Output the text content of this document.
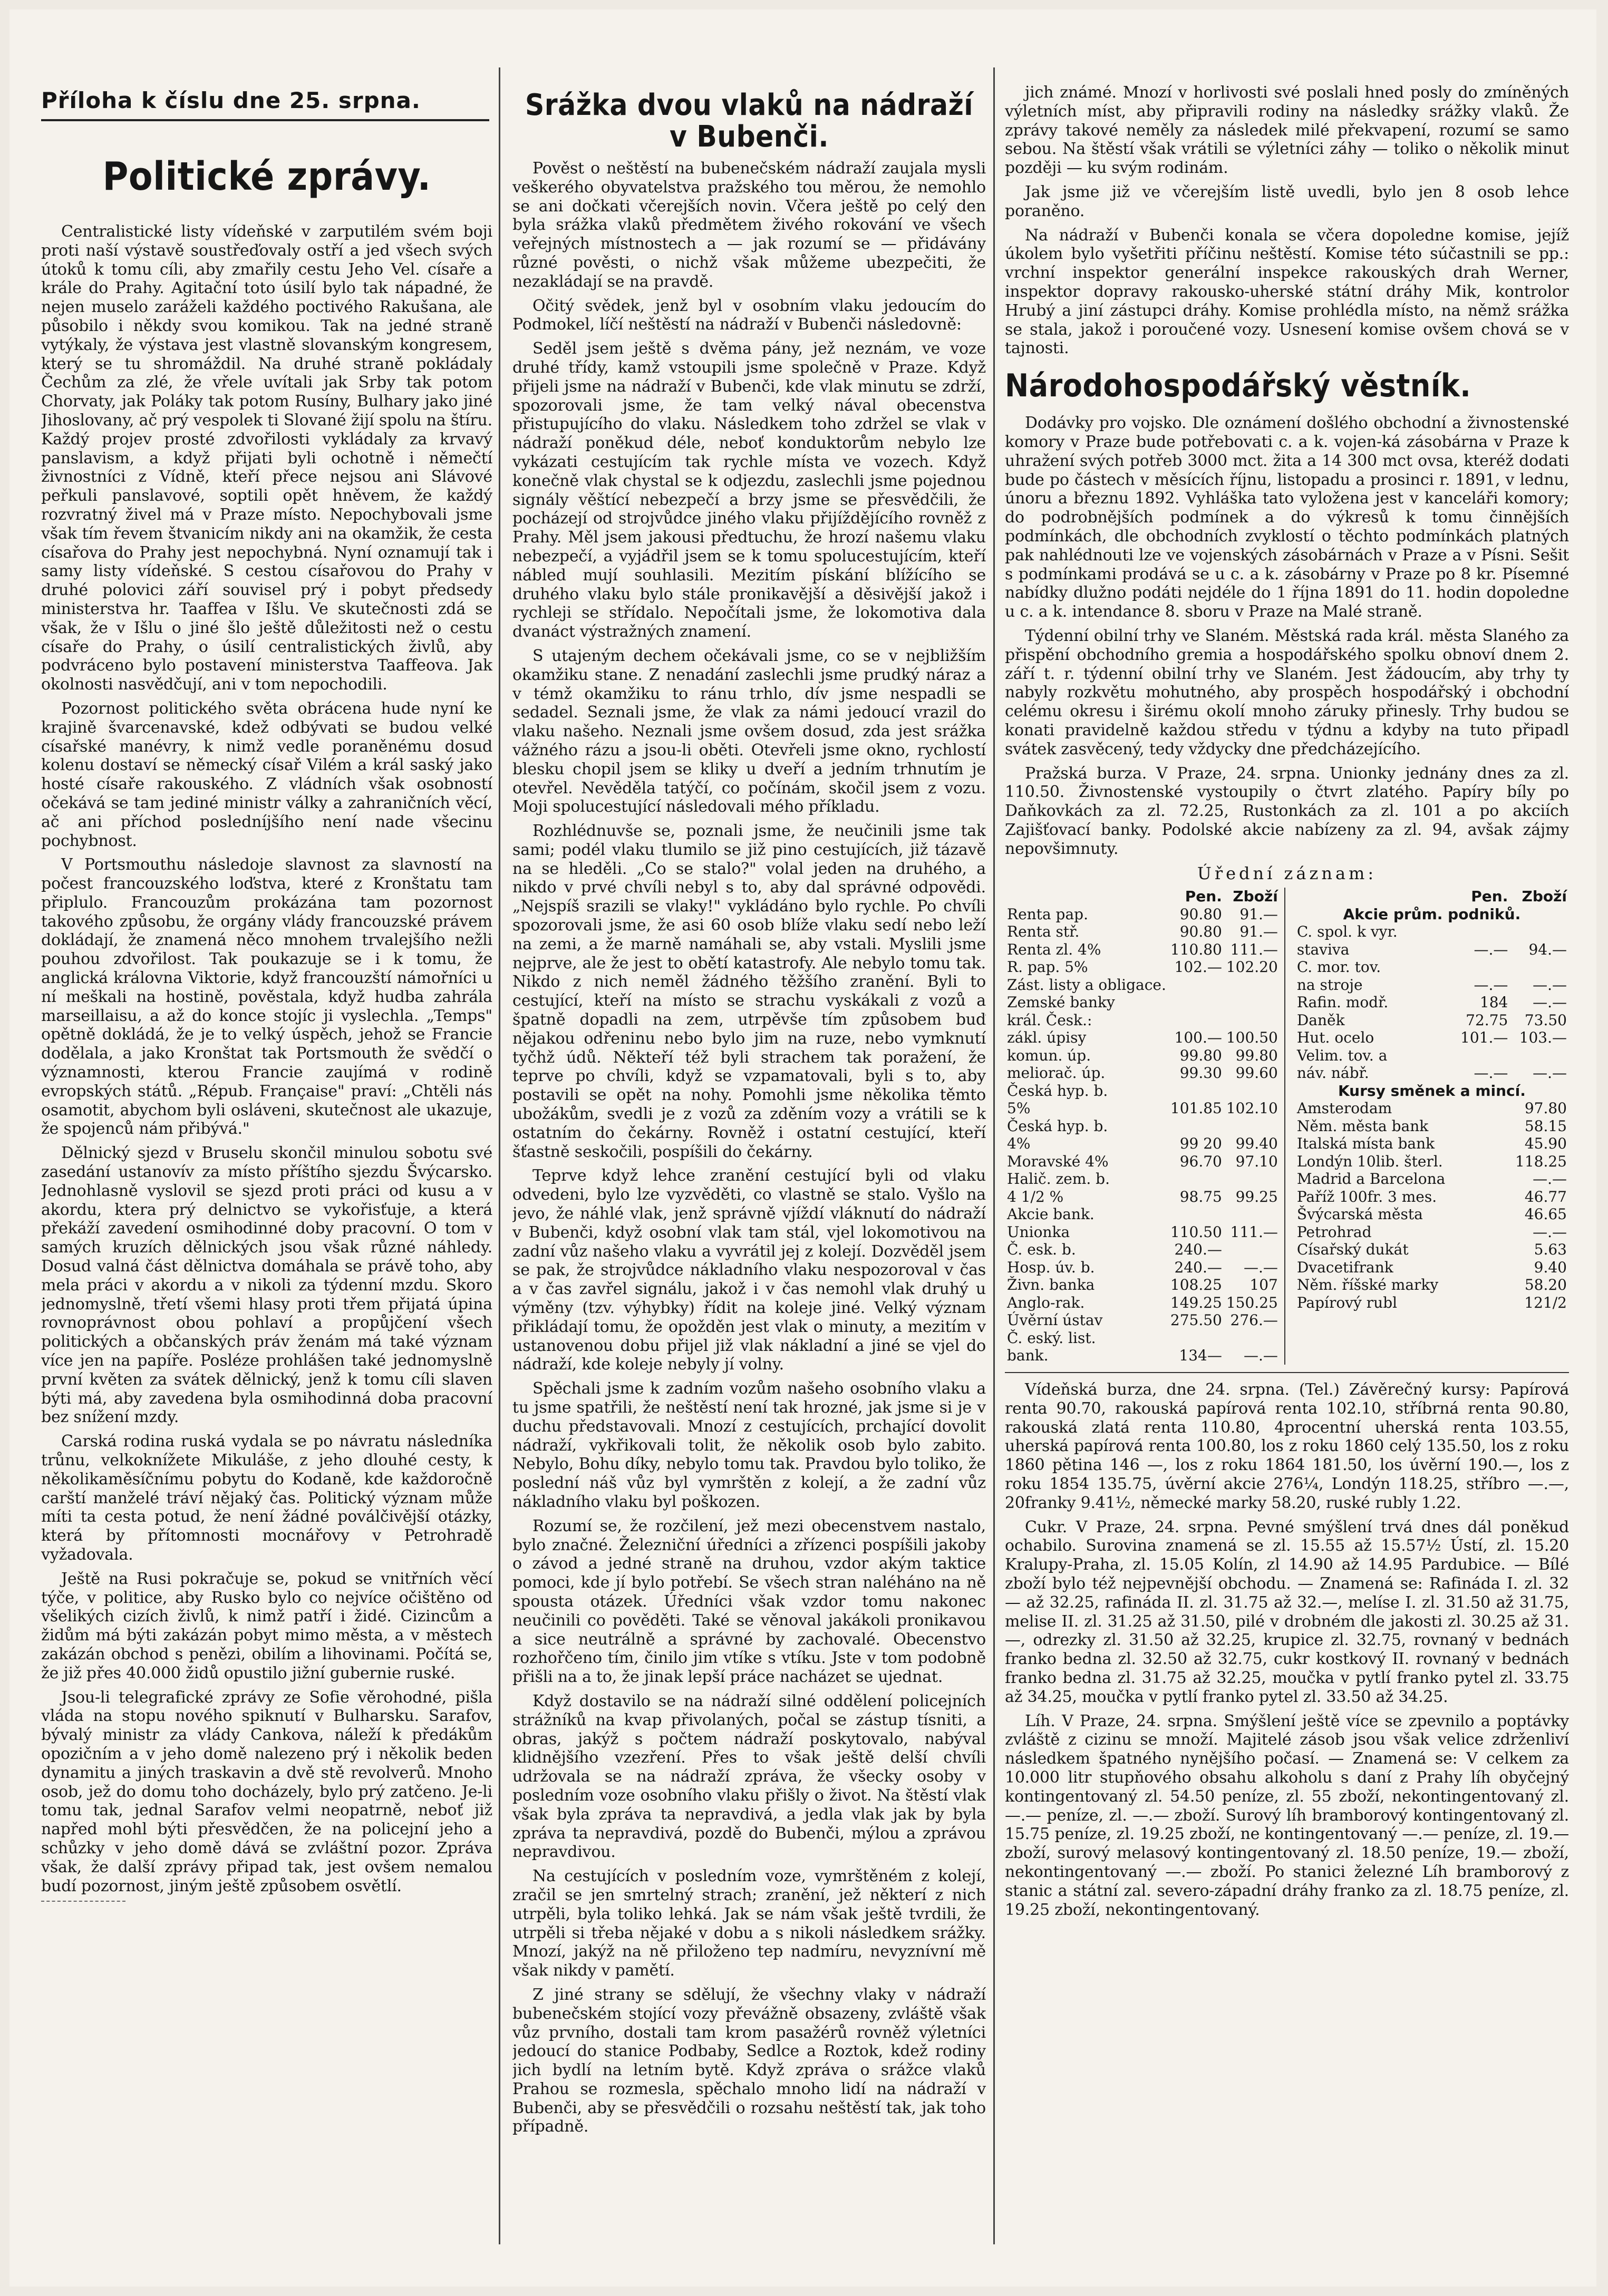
Příloha k číslu dne 25. srpna.
Politické zprávy.

Centralistické listy vídeňské v zarputilém svém boji proti naší výstavě soustřeďovaly ostří a jed všech svých útoků k tomu cíli, aby zmařily cestu Jeho Vel. císaře a krále do Prahy. Agitační toto úsilí bylo tak nápadné, že nejen muselo zaráželi každého poctivého Rakušana, ale působilo i někdy svou komikou. Tak na jedné straně vytýkaly, že výstava jest vlastně slovanským kongresem, který se tu shromáždil. Na druhé straně pokládaly Čechům za zlé, že vřele uvítali jak Srby tak potom Chorvaty, jak Poláky tak potom Rusíny, Bulhary jako jiné Jihoslovany, ač prý vespolek ti Slované žijí spolu na štíru. Každý projev prosté zdvořilosti vykládaly za krvavý panslavism, a když přijati byli ochotně i němečtí živnostníci z Vídně, kteří přece nejsou ani Slávové peřkuli panslavové, soptili opět hněvem, že každý rozvratný živel má v Praze místo. Nepochybovali jsme však tím řevem štvanicím nikdy ani na okamžik, že cesta císařova do Prahy jest nepochybná. Nyní oznamují tak i samy listy vídeňské. S cestou císařovou do Prahy v druhé polovici září souvisel prý i pobyt předsedy ministerstva hr. Taaffea v Išlu. Ve skutečnosti zdá se však, že v Išlu o jiné šlo ještě důležitosti než o cestu císaře do Prahy, o úsilí centralistických živlů, aby podvráceno bylo postavení ministerstva Taaffeova. Jak okolnosti nasvědčují, ani v tom nepochodili.

Pozornost politického světa obrácena hude nyní ke krajině švarcenavské, kdež odbývati se budou velké císařské manévry, k nimž vedle poraněnému dosud kolenu dostaví se německý císař Vilém a král saský jako hosté císaře rakouského. Z vládních však osobností očekává se tam jediné ministr války a zahraničních věcí, ač ani příchod posledníjšího není nade všecinu pochybnost.

V Portsmouthu následoje slavnost za slavností na počest francouzského loďstva, které z Kronštatu tam připlulo. Francouzům prokázána tam pozornost takového způsobu, že orgány vlády francouzské právem dokládají, že znamená něco mnohem trvalejšího nežli pouhou zdvořilost. Tak poukazuje se i k tomu, že anglická královna Viktorie, když francouzští námořníci u ní meškali na hostině, pověstala, když hudba zahrála marseillaisu, a až do konce stojíc ji vyslechla. „Temps" opětně dokládá, že je to velký úspěch, jehož se Francie dodělala, a jako Kronštat tak Portsmouth že svědčí o významnosti, kterou Francie zaujímá v rodině evropských států. „Répub. Française" praví: „Chtěli nás osamotit, abychom byli osláveni, skutečnost ale ukazuje, že spojenců nám přibývá."

Dělnický sjezd v Bruselu skončil minulou sobotu své zasedání ustanovív za místo příštího sjezdu Švýcarsko. Jednohlasně vyslovil se sjezd proti práci od kusu a v akordu, ktera prý delnictvo se vykořisťuje, a která překáží zavedení osmihodinné doby pracovní. O tom v samých kruzích dělnických jsou však různé náhledy. Dosud valná část dělnictva domáhala se právě toho, aby mela práci v akordu a v nikoli za týdenní mzdu. Skoro jednomyslně, třetí všemi hlasy proti třem přijatá úpina rovnoprávnost obou pohlaví a propůjčení všech politických a občanských práv ženám má také význam více jen na papíře. Posléze prohlášen také jednomyslně první květen za svátek dělnický, jenž k tomu cíli slaven býti má, aby zavedena byla osmihodinná doba pracovní bez snížení mzdy.

Carská rodina ruská vydala se po návratu následníka trůnu, velkoknížete Mikuláše, z jeho dlouhé cesty, k několikaměsíčnímu pobytu do Kodaně, kde každoročně carští manželé tráví nějaký čas. Politický význam může míti ta cesta potud, že není žádné poválčivější otázky, která by přítomnosti mocnářovy v Petrohradě vyžadovala.

Ještě na Rusi pokračuje se, pokud se vnitřních věcí týče, v politice, aby Rusko bylo co nejvíce očištěno od všelikých cizích živlů, k nimž patří i židé. Cizincům a židům má býti zakázán pobyt mimo města, a v městech zakázán obchod s penězi, obilím a lihovinami. Počítá se, že již přes 40.000 židů opustilo jižní gubernie ruské.

Jsou-li telegrafické zprávy ze Sofie věrohodné, pišla vláda na stopu nového spiknutí v Bulharsku. Sarafov, bývalý ministr za vlády Cankova, náleží k předákům opozičním a v jeho domě nalezeno prý i několik beden dynamitu a jiných traskavin a dvě stě revolverů. Mnoho osob, jež do domu toho docházely, bylo prý zatčeno. Je-li tomu tak, jednal Sarafov velmi neopatrně, neboť již napřed mohl býti přesvědčen, že na policejní jeho a schůzky v jeho domě dává se zvláštní pozor. Zpráva však, že další zprávy připad tak, jest ovšem nemalou budí pozornost, jiným ještě způsobem osvětlí.

Srážka dvou vlaků na nádraží v Bubenči.

Pověst o neštěstí na bubenečském nádraží zaujala mysli veškerého obyvatelstva pražského tou měrou, že nemohlo se ani dočkati včerejších novin. Včera ještě po celý den byla srážka vlaků předmětem živého rokování ve všech veřejných místnostech a — jak rozumí se — přidávány různé pověsti, o nichž však můžeme ubezpečiti, že nezakládají se na pravdě.

Očitý svědek, jenž byl v osobním vlaku jedoucím do Podmokel, líčí neštěstí na nádraží v Bubenči následovně:

Seděl jsem ještě s dvěma pány, jež neznám, ve voze druhé třídy, kamž vstoupili jsme společně v Praze. Když přijeli jsme na nádraží v Bubenči, kde vlak minutu se zdrží, spozorovali jsme, že tam velký nával obecenstva přistupujícího do vlaku. Následkem toho zdržel se vlak v nádraží poněkud déle, neboť konduktorům nebylo lze vykázati cestujícím tak rychle místa ve vozech. Když konečně vlak chystal se k odjezdu, zaslechli jsme pojednou signály věštící nebezpečí a brzy jsme se přesvědčili, že pocházejí od strojvůdce jiného vlaku přijíždějícího rovněž z Prahy. Měl jsem jakousi předtuchu, že hrozí našemu vlaku nebezpečí, a vyjádřil jsem se k tomu spolucestujícím, kteří nábled mují souhlasili. Mezitím pískání blížícího se druhého vlaku bylo stále pronikavější a děsivější jakož i rychleji se střídalo. Nepočítali jsme, že lokomotiva dala dvanáct výstražných znamení.

S utajeným dechem očekávali jsme, co se v nejbližším okamžiku stane. Z nenadání zaslechli jsme prudký náraz a v témž okamžiku to ránu trhlo, dív jsme nespadli se sedadel. Seznali jsme, že vlak za námi jedoucí vrazil do vlaku našeho. Neznali jsme ovšem dosud, zda jest srážka vážného rázu a jsou-li oběti. Otevřeli jsme okno, rychlostí blesku chopil jsem se kliky u dveří a jedním trhnutím je otevřel. Nevěděla tatýčí, co počínám, skočil jsem z vozu. Moji spolucestující následovali mého příkladu.

Rozhlédnuvše se, poznali jsme, že neučinili jsme tak sami; podél vlaku tlumilo se již pino cestujících, již tázavě na se hleděli. „Co se stalo?" volal jeden na druhého, a nikdo v prvé chvíli nebyl s to, aby dal správné odpovědi. „Nejspíš srazili se vlaky!" vykládáno bylo rychle. Po chvíli spozorovali jsme, že asi 60 osob blíže vlaku sedí nebo leží na zemi, a že marně namáhali se, aby vstali. Myslili jsme nejprve, ale že jest to obětí katastrofy. Ale nebylo tomu tak. Nikdo z nich neměl žádného těžšího zranění. Byli to cestující, kteří na místo se strachu vyskákali z vozů a špatně dopadli na zem, utrpěvše tím způsobem buď nějakou odřeninu nebo bylo jim na ruze, nebo vymknutí tyčhž údů. Někteří též byli strachem tak poražení, že teprve po chvíli, když se vzpamatovali, byli s to, aby postavili se opět na nohy. Pomohli jsme několika těmto ubožákům, svedli je z vozů za zděním vozy a vrátili se k ostatním do čekárny. Rovněž i ostatní cestující, kteří šťastně seskočili, pospíšili do čekárny.

Teprve když lehce zranění cestující byli od vlaku odvedeni, bylo lze vyzvěděti, co vlastně se stalo. Vyšlo na jevo, že náhlé vlak, jenž správně vjíždí vláknutí do nádraží v Bubenči, když osobní vlak tam stál, vjel lokomotivou na zadní vůz našeho vlaku a vyvrátil jej z kolejí. Dozvěděl jsem se pak, že strojvůdce nákladního vlaku nespozoroval v čas a v čas zavřel signálu, jakož i v čas nemohl vlak druhý u výměny (tzv. výhybky) řídit na koleje jiné. Velký význam přikládají tomu, že opožděn jest vlak o minuty, a mezitím v ustanovenou dobu přijel již vlak nákladní a jiné se vjel do nádraží, kde koleje nebyly jí volny.

Spěchali jsme k zadním vozům našeho osobního vlaku a tu jsme spatřili, že neštěstí není tak hrozné, jak jsme si je v duchu představovali. Mnozí z cestujících, prchající dovolit nádraží, vykřikovali tolit, že několik osob bylo zabito. Nebylo, Bohu díky, nebylo tomu tak. Pravdou bylo toliko, že poslední náš vůz byl vymrštěn z kolejí, a že zadní vůz nákladního vlaku byl poškozen.

Rozumí se, že rozčilení, jež mezi obecenstvem nastalo, bylo značné. Železniční úředníci a zřízenci pospíšili jakoby o závod a jedné straně na druhou, vzdor akým taktice pomoci, kde jí bylo potřebí. Se všech stran naléháno na ně spousta otázek. Úředníci však vzdor tomu nakonec neučinili co pověděti. Také se věnoval jakákoli pronikavou a sice neutrálně a správné by zachovalé. Obecenstvo rozhořčeno tím, činilo jim vtíke s vtíku. Jste v tom podobně přišli na a to, že jinak lepší práce nacházet se ujednat.

Když dostavilo se na nádraží silné oddělení policejních strážníků na kvap přivolaných, počal se zástup tísniti, a obras, jakýž s počtem nádraží poskytovalo, nabýval klidnějšího vzezření. Přes to však ještě delší chvíli udržovala se na nádraží zpráva, že všecky osoby v posledním voze osobního vlaku přišly o život. Na štěstí vlak však byla zpráva ta nepravdivá, a jedla vlak jak by byla zpráva ta nepravdivá, pozdě do Bubenči, mýlou a zprávou nepravdivou.

Na cestujících v posledním voze, vymrštěném z kolejí, zračil se jen smrtelný strach; zranění, jež některí z nich utrpěli, byla toliko lehká. Jak se nám však ještě tvrdili, že utrpěli si třeba nějaké v dobu a s nikoli následkem srážky. Mnozí, jakýž na ně přiloženo tep nadmíru, nevyznívní mě však nikdy v pamětí.

Z jiné strany se sdělují, že všechny vlaky v nádraží bubenečském stojící vozy převážně obsazeny, zvláště však vůz prvního, dostali tam krom pasažérů rovněž výletníci jedoucí do stanice Podbaby, Sedlce a Roztok, kdež rodiny jich bydlí na letním bytě. Když zpráva o srážce vlaků Prahou se rozmesla, spěchalo mnoho lidí na nádraží v Bubenči, aby se přesvědčili o rozsahu neštěstí tak, jak toho případně.

jich známé. Mnozí v horlivosti své poslali hned posly do zmíněných výletních míst, aby připravili rodiny na následky srážky vlaků. Že zprávy takové neměly za následek milé překvapení, rozumí se samo sebou. Na štěstí však vrátili se výletníci záhy — toliko o několik minut později — ku svým rodinám.

Jak jsme již ve včerejším listě uvedli, bylo jen 8 osob lehce poraněno.

Na nádraží v Bubenči konala se včera dopoledne komise, jejíž úkolem bylo vyšetřiti příčinu neštěstí. Komise této súčastnili se pp.: vrchní inspektor generální inspekce rakouských drah Werner, inspektor dopravy rakousko-uherské státní dráhy Mik, kontrolor Hrubý a jiní zástupci dráhy. Komise prohlédla místo, na němž srážka se stala, jakož i poroučené vozy. Usnesení komise ovšem chová se v tajnosti.

Národohospodářský věstník.

Dodávky pro vojsko. Dle oznámení došlého obchodní a živnostenské komory v Praze bude potřebovati c. a k. vojen-ká zásobárna v Praze k uhražení svých potřeb 3000 mct. žita a 14 300 mct ovsa, kteréž dodati bude po částech v měsících říjnu, listopadu a prosinci r. 1891, v lednu, únoru a březnu 1892. Vyhláška tato vyložena jest v kanceláři komory; do podrobnějších podmínek a do výkresů k tomu činnějších podmínkách, dle obchodních zvyklostí o těchto podmínkách platných pak nahlédnouti lze ve vojenských zásobárnách v Praze a v Písni. Sešit s podmínkami prodává se u c. a k. zásobárny v Praze po 8 kr. Písemné nabídky dlužno podáti nejdéle do 1 října 1891 do 11. hodin dopoledne u c. a k. intendance 8. sboru v Praze na Malé straně.

Týdenní obilní trhy ve Slaném. Městská rada král. města Slaného za přispění obchodního gremia a hospodářského spolku obnoví dnem 2. září t. r. týdenní obilní trhy ve Slaném. Jest žádoucím, aby trhy ty nabyly rozkvětu mohutného, aby prospěch hospodářský i obchodní celému okresu i širému okolí mnoho záruky přinesly. Trhy budou se konati pravidelně každou středu v týdnu a kdyby na tuto připadl svátek zasvěcený, tedy vždycky dne předcházejícího.

Pražská burza. V Praze, 24. srpna. Unionky jednány dnes za zl. 110.50. Živnostenské vystoupily o čtvrt zlatého. Papíry bíly po Daňkovkách za zl. 72.25, Rustonkách za zl. 101 a po akciích Zajišťovací banky. Podolské akcie nabízeny za zl. 94, avšak zájmy nepovšimnuty.

Úřední záznam:
	Pen.	Zboží
Renta pap.	90.80	91.—
Renta stř.	90.80	91.—
Renta zl. 4%	110.80	111.—
R. pap. 5%	102.—	102.20
Zást. listy a obligace.		
Zemské banky		
král. Česk.:		
zákl. úpisy	100.—	100.50
komun. úp.	99.80	99.80
meliorač. úp.	99.30	99.60
Česká hyp. b.		
5%	101.85	102.10
Česká hyp. b.		
4%	99 20	99.40
Moravské 4%	96.70	97.10
Halič. zem. b.		
4 1/2 %	98.75	99.25
Akcie bank.		
Unionka	110.50	111.—
Č. esk. b.	240.—	
Hosp. úv. b.	240.—	—.—
Živn. banka	108.25	107
Anglo-rak.	149.25	150.25
Úvěrní ústav	275.50	276.—
Č. eský. list.		
bank.	134—	—.—
	Pen.	Zboží
Akcie prům. podniků.		
C. spol. k vyr.		
staviva	—.—	94.—
C. mor. tov.		
na stroje	—.—	—.—
Rafin. modř.	184	—.—
Daněk	72.75	73.50
Hut. ocelo	101.—	103.—
Velim. tov. a		
náv. nábř.	—.—	—.—
Kursy směnek a mincí.		
Amsterodam		97.80
Něm. města bank		58.15
Italská místa bank		45.90
Londýn 10lib. šterl.		118.25
Madrid a Barcelona		—.—
Paříž 100fr. 3 mes.		46.77
Švýcarská města		46.65
Petrohrad		—.—
Císařský dukát		5.63
Dvacetifrank		9.40
Něm. říšské marky		58.20
Papírový rubl		121/2

Vídeňská burza, dne 24. srpna. (Tel.) Závěrečný kursy: Papírová renta 90.70, rakouská papírová renta 102.10, stříbrná renta 90.80, rakouská zlatá renta 110.80, 4procentní uherská renta 103.55, uherská papírová renta 100.80, los z roku 1860 celý 135.50, los z roku 1860 pětina 146 —, los z roku 1864 181.50, los úvěrní 190.—, los z roku 1854 135.75, úvěrní akcie 276¼, Londýn 118.25, stříbro —.—, 20franky 9.41½, německé marky 58.20, ruské rubly 1.22.

Cukr. V Praze, 24. srpna. Pevné smýšlení trvá dnes dál poněkud ochabilo. Surovina znamená se zl. 15.55 až 15.57½ Ústí, zl. 15.20 Kralupy-Praha, zl. 15.05 Kolín, zl 14.90 až 14.95 Pardubice. — Bílé zboží bylo též nejpevnější obchodu. — Znamená se: Rafináda I. zl. 32 — až 32.25, rafináda II. zl. 31.75 až 32.—, melíse I. zl. 31.50 až 31.75, melise II. zl. 31.25 až 31.50, pilé v drobném dle jakosti zl. 30.25 až 31.—, odrezky zl. 31.50 až 32.25, krupice zl. 32.75, rovnaný v bednách franko bedna zl. 32.50 až 32.75, cukr kostkový II. rovnaný v bednách franko bedna zl. 31.75 až 32.25, moučka v pytlí franko pytel zl. 33.75 až 34.25, moučka v pytlí franko pytel zl. 33.50 až 34.25.

Líh. V Praze, 24. srpna. Smýšlení ještě více se zpevnilo a poptávky zvláště z cizinu se množí. Majitelé zásob jsou však velice zdrženliví následkem špatného nynějšího počasí. — Znamená se: V celkem za 10.000 litr stupňového obsahu alkoholu s daní z Prahy líh obyčejný kontingentovaný zl. 54.50 peníze, zl. 55 zboží, nekontingentovaný zl. —.— peníze, zl. —.— zboží. Surový líh bramborový kontingentovaný zl. 15.75 peníze, zl. 19.25 zboží, ne kontingentovaný —.— peníze, zl. 19.— zboží, surový melasový kontingentovaný zl. 18.50 peníze, 19.— zboží, nekontingentovaný —.— zboží. Po stanici železné Líh bramborový z stanic a státní zal. severo-západní dráhy franko za zl. 18.75 peníze, zl. 19.25 zboží, nekontingentovaný.
